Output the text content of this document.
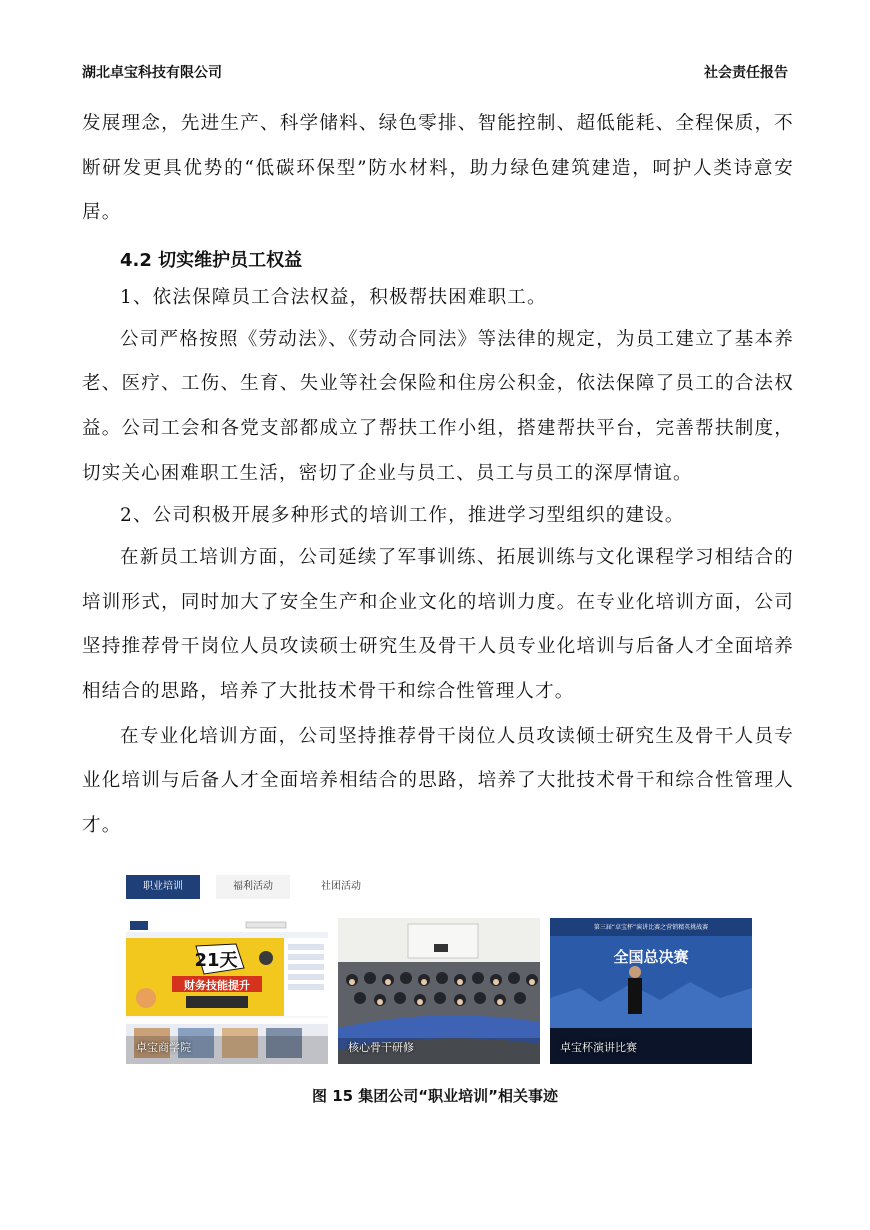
湖北卓宝科技有限公司	社会责任报告

发展理念，先进生产、科学储料、绿色零排、智能控制、超低能耗、全程保质，不断研发更具优势的“低碳环保型”防水材料，助力绿色建筑建造，呵护人类诗意安居。

4.2 切实维护员工权益

1、依法保障员工合法权益，积极帮扶困难职工。

公司严格按照《劳动法》、《劳动合同法》等法律的规定，为员工建立了基本养老、医疗、工伤、生育、失业等社会保险和住房公积金，依法保障了员工的合法权益。公司工会和各党支部都成立了帮扶工作小组，搭建帮扶平台，完善帮扶制度，切实关心困难职工生活，密切了企业与员工、员工与员工的深厚情谊。

2、公司积极开展多种形式的培训工作，推进学习型组织的建设。

在新员工培训方面，公司延续了军事训练、拓展训练与文化课程学习相结合的培训形式，同时加大了安全生产和企业文化的培训力度。在专业化培训方面，公司坚持推荐骨干岗位人员攻读硕士研究生及骨干人员专业化培训与后备人才全面培养相结合的思路，培养了大批技术骨干和综合性管理人才。

在专业化培训方面，公司坚持推荐骨干岗位人员攻读倾士研究生及骨干人员专业化培训与后备人才全面培养相结合的思路，培养了大批技术骨干和综合性管理人才。

职业培训	福利活动	社团活动
21天
财务技能提升
卓宝商学院	核心骨干研修
第三届“卓宝杯”演讲比赛之营销精英挑战赛
全国总决赛
卓宝杯演讲比赛
图 15 集团公司“职业培训”相关事迹
